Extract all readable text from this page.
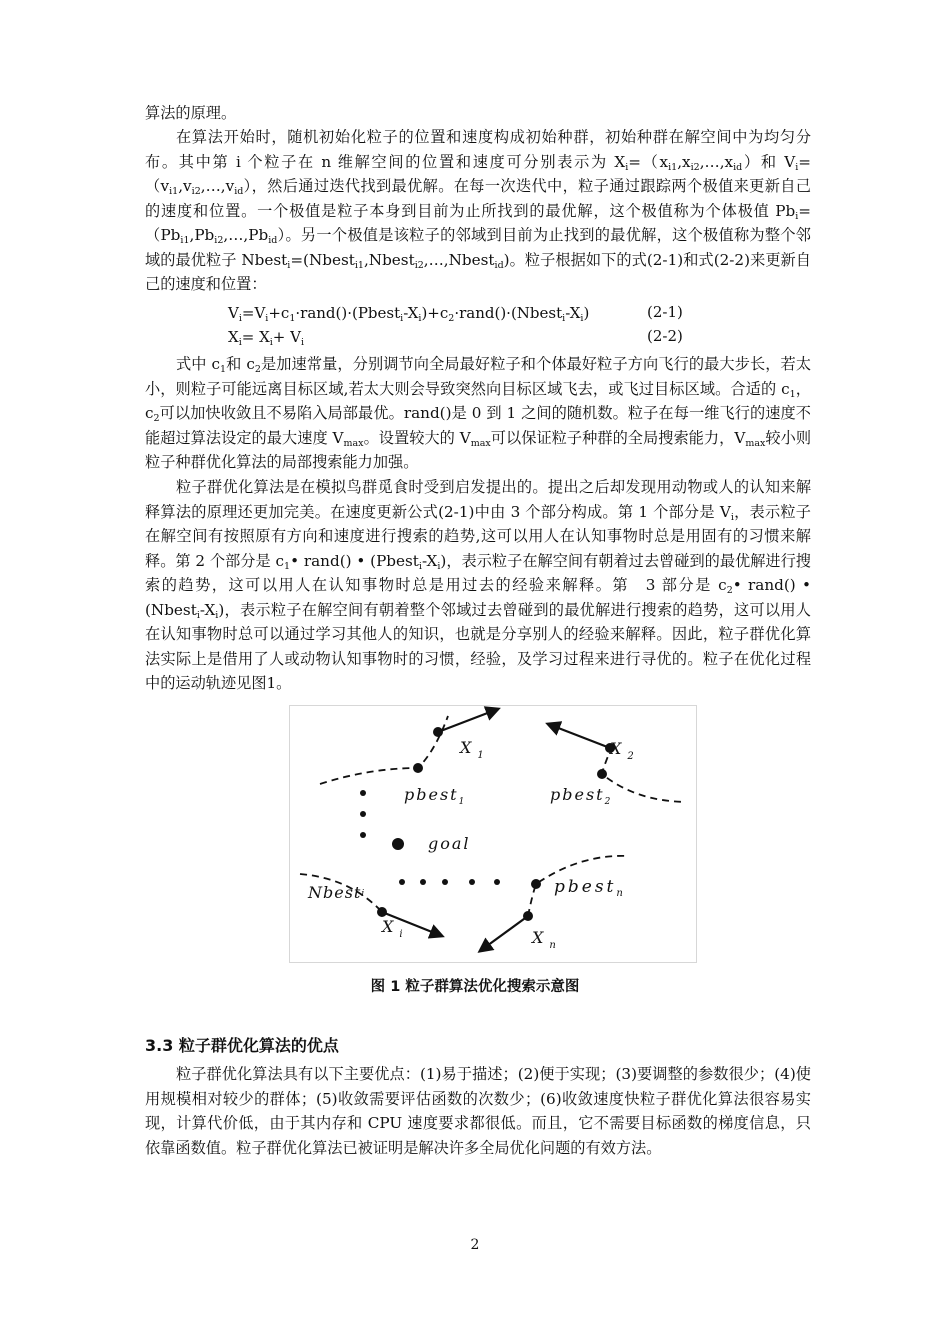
算法的原理。

在算法开始时，随机初始化粒子的位置和速度构成初始种群，初始种群在解空间中为均匀分布。其中第 i 个粒子在 n 维解空间的位置和速度可分别表示为 $X_i=(x_{i1},x_{i2},\dots,x_{id})$和 $V_i=(v_{i1},v_{i2},\dots,v_{id})$，然后通过迭代找到最优解。在每一次迭代中，粒子通过跟踪两个极值来更新自己的速度和位置。一个极值是粒子本身到目前为止所找到的最优解，这个极值称为个体极值 $Pb_i=(Pb_{i1},Pb_{i2},\dots,Pb_{id})$。另一个极值是该粒子的邻域到目前为止找到的最优解，这个极值称为整个邻域的最优粒子 Nbest$_i$=(Nbest$_{i1}$,Nbest$_{i2}$,…,Nbest$_{id}$)。粒子根据如下的式(2-1)和式(2-2)来更新自己的速度和位置：

$V_i=V_i+c_1\cdot rand()\cdot(Pbest_i-X_i)+c_2\cdot rand()\cdot(Nbest_i-X_i)$	(2-1)
$X_i= X_i+ V_i$	(2-2)

式中 $c_1$和 $c_2$是加速常量，分别调节向全局最好粒子和个体最好粒子方向飞行的最大步长，若太小，则粒子可能远离目标区域,若太大则会导致突然向目标区域飞去，或飞过目标区域。合适的 $c_1$，$c_2$可以加快收敛且不易陷入局部最优。rand()是 0 到 1 之间的随机数。粒子在每一维飞行的速度不能超过算法设定的最大速度 $V_{max}$。设置较大的 $V_{max}$可以保证粒子种群的全局搜索能力，$V_{max}$较小则粒子种群优化算法的局部搜索能力加强。

粒子群优化算法是在模拟鸟群觅食时受到启发提出的。提出之后却发现用动物或人的认知来解释算法的原理还更加完美。在速度更新公式(2-1)中由 3 个部分构成。第 1 个部分是 $V_i$，表示粒子在解空间有按照原有方向和速度进行搜索的趋势,这可以用人在认知事物时总是用固有的习惯来解释。第 2 个部分是 $c_1•$ rand() • $(Pbest_i-X_i)$，表示粒子在解空间有朝着过去曾碰到的最优解进行搜索的趋势，这可以用人在认知事物时总是用过去的经验来解释。第　3 部分是 $c_2•$ rand() • $(Nbest_i-X_i)$，表示粒子在解空间有朝着整个邻域过去曾碰到的最优解进行搜索的趋势，这可以用人在认知事物时总可以通过学习其他人的知识，也就是分享别人的经验来解释。因此，粒子群优化算法实际上是借用了人或动物认知事物时的习惯，经验，及学习过程来进行寻优的。粒子在优化过程中的运动轨迹见图1。

X $_1$	X $_2$
pbest$_1$	pbest$_2$
goal
Nbesti	pbest$_n$
X $_i$	X $_n$
图 1 粒子群算法优化搜索示意图
3.3 粒子群优化算法的优点

粒子群优化算法具有以下主要优点：(1)易于描述；(2)便于实现；(3)要调整的参数很少；(4)使用规模相对较少的群体；(5)收敛需要评估函数的次数少；(6)收敛速度快粒子群优化算法很容易实现，计算代价低，由于其内存和 CPU 速度要求都很低。而且，它不需要目标函数的梯度信息，只依靠函数值。粒子群优化算法已被证明是解决许多全局优化问题的有效方法。

2
